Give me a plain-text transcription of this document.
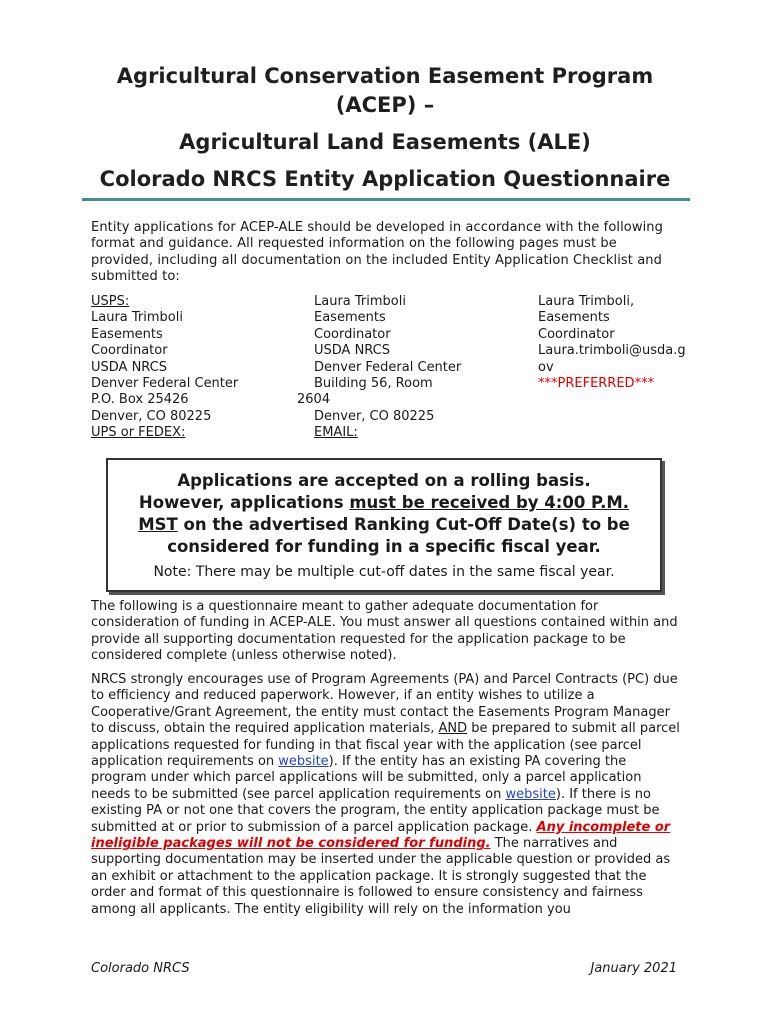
Agricultural Conservation Easement Program
(ACEP) –
Agricultural Land Easements (ALE)
Colorado NRCS Entity Application Questionnaire
Entity applications for ACEP-ALE should be developed in accordance with the following format and guidance. All requested information on the following pages must be provided, including all documentation on the included Entity Application Checklist and submitted to:
USPS:
Laura Trimboli
Easements
Coordinator
USDA NRCS
Denver Federal Center
P.O. Box 25426
Denver, CO 80225
UPS or FEDEX:
Laura Trimboli
Easements
Coordinator
USDA NRCS
Denver Federal Center
Building 56, Room
2604
Denver, CO 80225
EMAIL:
Laura Trimboli,
Easements
Coordinator
Laura.trimboli@usda.g
ov
***PREFERRED***
Applications are accepted on a rolling basis.
However, applications must be received by 4:00 P.M.
MST on the advertised Ranking Cut-Off Date(s) to be
considered for funding in a specific fiscal year.
Note: There may be multiple cut-off dates in the same fiscal year.
The following is a questionnaire meant to gather adequate documentation for consideration of funding in ACEP-ALE. You must answer all questions contained within and provide all supporting documentation requested for the application package to be considered complete (unless otherwise noted).
NRCS strongly encourages use of Program Agreements (PA) and Parcel Contracts (PC) due to efficiency and reduced paperwork. However, if an entity wishes to utilize a Cooperative/Grant Agreement, the entity must contact the Easements Program Manager to discuss, obtain the required application materials, AND be prepared to submit all parcel applications requested for funding in that fiscal year with the application (see parcel application requirements on website). If the entity has an existing PA covering the program under which parcel applications will be submitted, only a parcel application needs to be submitted (see parcel application requirements on website). If there is no existing PA or not one that covers the program, the entity application package must be submitted at or prior to submission of a parcel application package. Any incomplete or ineligible packages will not be considered for funding. The narratives and supporting documentation may be inserted under the applicable question or provided as an exhibit or attachment to the application package. It is strongly suggested that the order and format of this questionnaire is followed to ensure consistency and fairness among all applicants. The entity eligibility will rely on the information you
Colorado NRCS	January 2021
